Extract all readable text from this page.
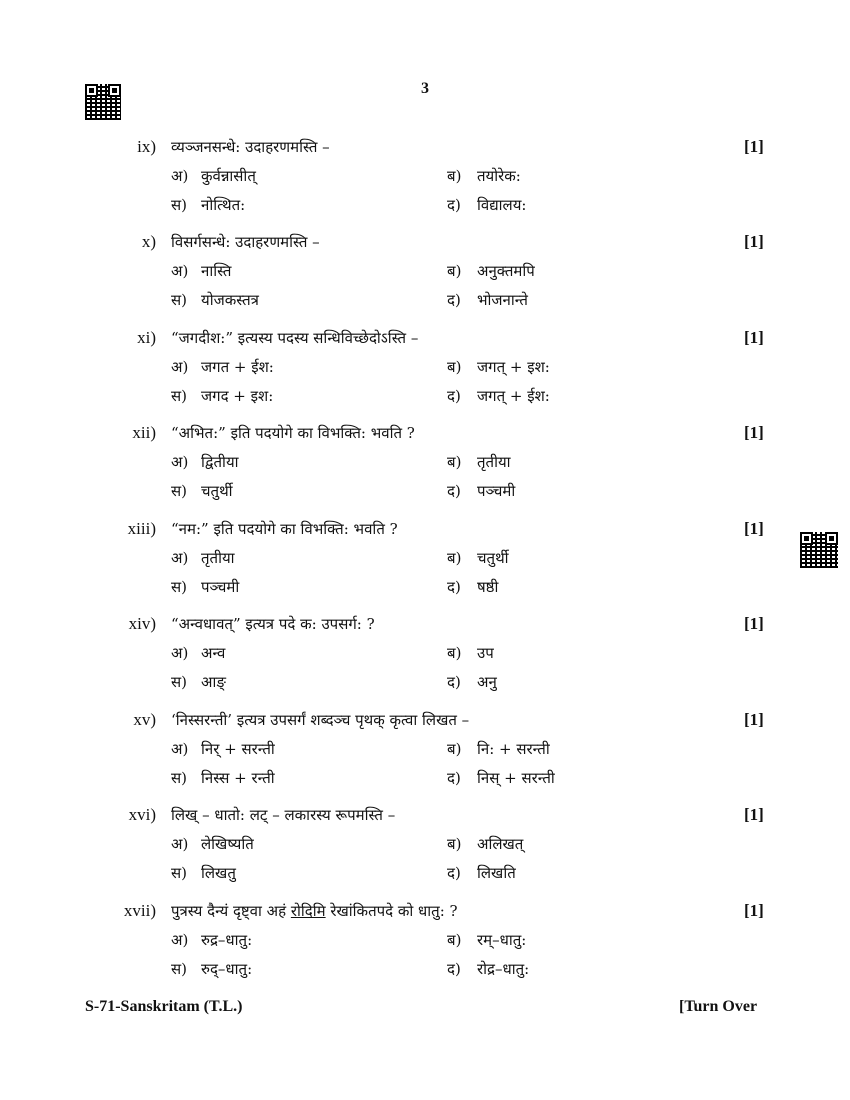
3
ix) व्यञ्जनसन्धे: उदाहरणमस्ति –	[1]
अ) कुर्वन्नासीत्	ब) तयोरेक:
स) नोत्थित:	द) विद्यालय:
x) विसर्गसन्धे: उदाहरणमस्ति –	[1]
अ) नास्ति	ब) अनुक्तमपि
स) योजकस्तत्र	द) भोजनान्ते
xi) “जगदीश:” इत्यस्य पदस्य सन्धिविच्छेदोऽस्ति –	[1]
अ) जगत + ईश:	ब) जगत् + इश:
स) जगद + इश:	द) जगत् + ईश:
xii) “अभित:” इति पदयोगे का विभक्ति: भवति ?	[1]
अ) द्वितीया	ब) तृतीया
स) चतुर्थी	द) पञ्चमी
xiii) “नम:” इति पदयोगे का विभक्ति: भवति ?	[1]
अ) तृतीया	ब) चतुर्थी
स) पञ्चमी	द) षष्ठी
xiv) “अन्वधावत्” इत्यत्र पदे क: उपसर्ग: ?	[1]
अ) अन्व	ब) उप
स) आङ्	द) अनु
xv) ‘निस्सरन्ती’ इत्यत्र उपसर्गं शब्दञ्च पृथक् कृत्वा लिखत –	[1]
अ) निर् + सरन्ती	ब) नि: + सरन्ती
स) निस्स + रन्ती	द) निस् + सरन्ती
xvi) लिख् – धातो: लट् – लकारस्य रूपमस्ति –	[1]
अ) लेखिष्यति	ब) अलिखत्
स) लिखतु	द) लिखति
xvii) पुत्रस्य दैन्यं दृष्ट्वा अहं रोदिमि रेखांकितपदे को धातु: ?	[1]
अ) रुद्र–धातु:	ब) रम्–धातु:
स) रुद्–धातु:	द) रोद्र–धातु:
S-71-Sanskritam (T.L.)	[Turn Over
